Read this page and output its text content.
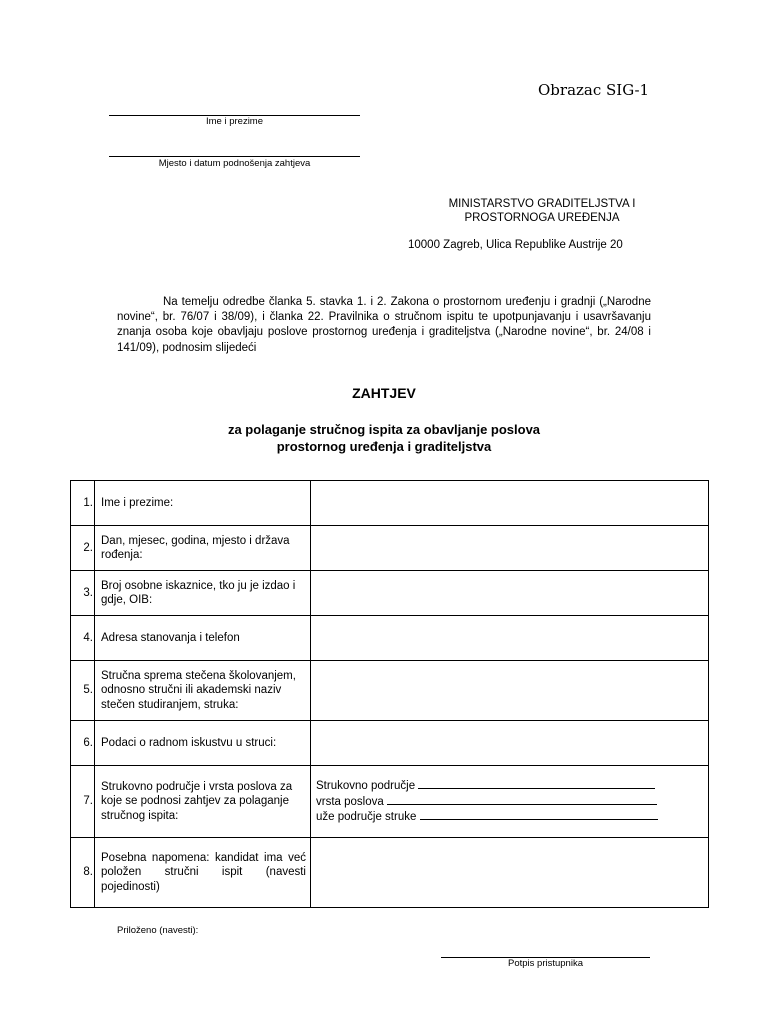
Obrazac SIG-1
Ime i prezime
Mjesto i datum podnošenja zahtjeva
MINISTARSTVO GRADITELJSTVA I
PROSTORNOGA UREĐENJA
10000 Zagreb, Ulica Republike Austrije 20
Na temelju odredbe članka 5. stavka 1. i 2. Zakona o prostornom uređenju i gradnji („Narodne novine“, br. 76/07 i 38/09), i članka 22. Pravilnika o stručnom ispitu te upotpunjavanju i usavršavanju znanja osoba koje obavljaju poslove prostornog uređenja i graditeljstva („Narodne novine“, br. 24/08 i 141/09), podnosim slijedeći
ZAHTJEV
za polaganje stručnog ispita za obavljanje poslova
prostornog uređenja i graditeljstva
1.	Ime i prezime:	
2.	Dan, mjesec, godina, mjesto i država rođenja:	
3.	Broj osobne iskaznice, tko ju je izdao i gdje, OIB:	
4.	Adresa stanovanja i telefon	
5.	Stručna sprema stečena školovanjem, odnosno stručni ili akademski naziv stečen studiranjem, struka:	
6.	Podaci o radnom iskustvu u struci:	
7.	Strukovno područje i vrsta poslova za koje se podnosi zahtjev za polaganje stručnog ispita:	Strukovno područje
vrsta poslova
uže područje struke

8.	Posebna napomena: kandidat ima već položen stručni ispit (navesti pojedinosti)	
Priloženo (navesti):
Potpis pristupnika
